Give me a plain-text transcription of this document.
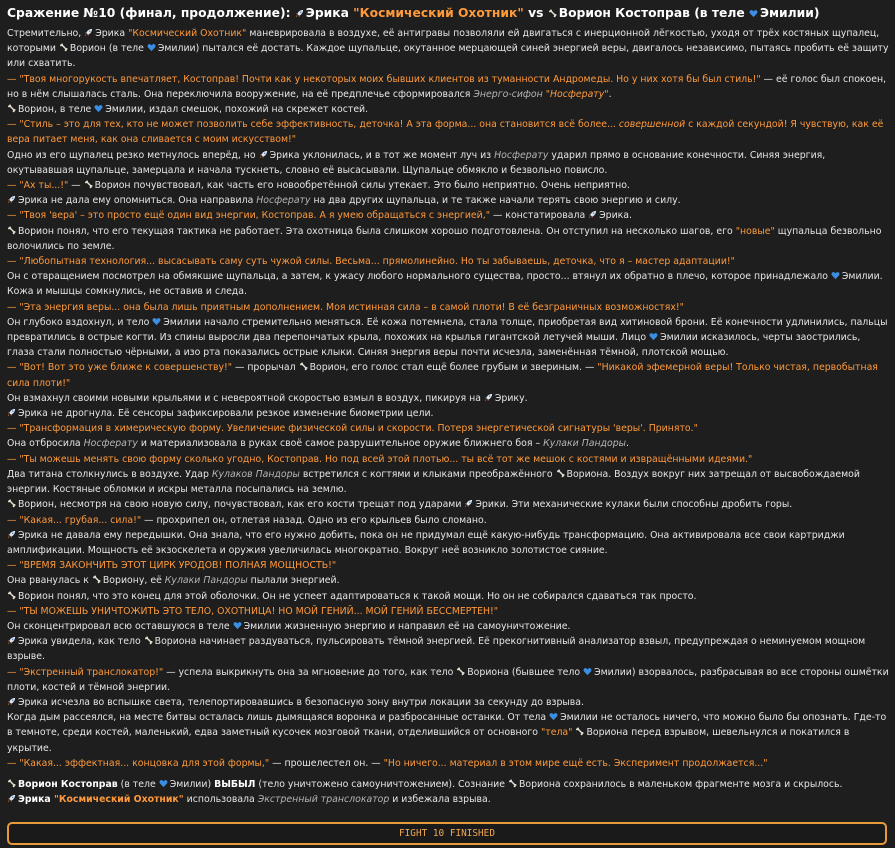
Сражение №10 (финал, продолжение): Эрика "Космический Охотник" vs Ворион Костоправ (в теле Эмилии)

Стремительно, Эрика "Космический Охотник" маневрировала в воздухе, её антигравы позволяли ей двигаться с инерционной лёгкостью, уходя от трёх костяных щупалец, которыми Ворион (в теле Эмилии) пытался её достать. Каждое щупальце, окутанное мерцающей синей энергией веры, двигалось независимо, пытаясь пробить её защиту или схватить.

— "Твоя многорукость впечатляет, Костоправ! Почти как у некоторых моих бывших клиентов из туманности Андромеды. Но у них хотя бы был стиль!" — её голос был спокоен, но в нём слышалась сталь. Она переключила вооружение, на её предплечье сформировался Энерго-сифон "Носферату".

Ворион, в теле Эмилии, издал смешок, похожий на скрежет костей.

— "Стиль – это для тех, кто не может позволить себе эффективность, деточка! А эта форма... она становится всё более... совершенной с каждой секундой! Я чувствую, как её вера питает меня, как она сливается с моим искусством!"

Одно из его щупалец резко метнулось вперёд, но Эрика уклонилась, и в тот же момент луч из Носферату ударил прямо в основание конечности. Синяя энергия, окутывавшая щупальце, замерцала и начала тускнеть, словно её высасывали. Щупальце обмякло и безвольно повисло.

— "Ах ты...!" — Ворион почувствовал, как часть его новообретённой силы утекает. Это было неприятно. Очень неприятно.

Эрика не дала ему опомниться. Она направила Носферату на два других щупальца, и те также начали терять свою энергию и силу.

— "Твоя 'вера' – это просто ещё один вид энергии, Костоправ. А я умею обращаться с энергией," — констатировала Эрика.

Ворион понял, что его текущая тактика не работает. Эта охотница была слишком хорошо подготовлена. Он отступил на несколько шагов, его "новые" щупальца безвольно волочились по земле.

— "Любопытная технология... высасывать саму суть чужой силы. Весьма... прямолинейно. Но ты забываешь, деточка, что я – мастер адаптации!"

Он с отвращением посмотрел на обмякшие щупальца, а затем, к ужасу любого нормального существа, просто... втянул их обратно в плечо, которое принадлежало Эмилии. Кожа и мышцы сомкнулись, не оставив и следа.

— "Эта энергия веры... она была лишь приятным дополнением. Моя истинная сила – в самой плоти! В её безграничных возможностях!"

Он глубоко вздохнул, и тело Эмилии начало стремительно меняться. Её кожа потемнела, стала толще, приобретая вид хитиновой брони. Её конечности удлинились, пальцы превратились в острые когти. Из спины выросли два перепончатых крыла, похожих на крылья гигантской летучей мыши. Лицо Эмилии исказилось, черты заострились, глаза стали полностью чёрными, а изо рта показались острые клыки. Синяя энергия веры почти исчезла, заменённая тёмной, плотской мощью.

— "Вот! Вот это уже ближе к совершенству!" — прорычал Ворион, его голос стал ещё более грубым и звериным. — "Никакой эфемерной веры! Только чистая, первобытная сила плоти!"

Он взмахнул своими новыми крыльями и с невероятной скоростью взмыл в воздух, пикируя на Эрику.

Эрика не дрогнула. Её сенсоры зафиксировали резкое изменение биометрии цели.

— "Трансформация в химерическую форму. Увеличение физической силы и скорости. Потеря энергетической сигнатуры 'веры'. Принято."

Она отбросила Носферату и материализовала в руках своё самое разрушительное оружие ближнего боя – Кулаки Пандоры.

— "Ты можешь менять свою форму сколько угодно, Костоправ. Но под всей этой плотью... ты всё тот же мешок с костями и извращёнными идеями."

Два титана столкнулись в воздухе. Удар Кулаков Пандоры встретился с когтями и клыками преображённого Вориона. Воздух вокруг них затрещал от высвобождаемой энергии. Костяные обломки и искры металла посыпались на землю.

Ворион, несмотря на свою новую силу, почувствовал, как его кости трещат под ударами Эрики. Эти механические кулаки были способны дробить горы.

— "Какая... грубая... сила!" — прохрипел он, отлетая назад. Одно из его крыльев было сломано.

Эрика не давала ему передышки. Она знала, что его нужно добить, пока он не придумал ещё какую-нибудь трансформацию. Она активировала все свои картриджи амплификации. Мощность её экзоскелета и оружия увеличилась многократно. Вокруг неё возникло золотистое сияние.

— "ВРЕМЯ ЗАКОНЧИТЬ ЭТОТ ЦИРК УРОДОВ! ПОЛНАЯ МОЩНОСТЬ!"

Она рванулась к Вориону, её Кулаки Пандоры пылали энергией.

Ворион понял, что это конец для этой оболочки. Он не успеет адаптироваться к такой мощи. Но он не собирался сдаваться так просто.

— "ТЫ МОЖЕШЬ УНИЧТОЖИТЬ ЭТО ТЕЛО, ОХОТНИЦА! НО МОЙ ГЕНИЙ... МОЙ ГЕНИЙ БЕССМЕРТЕН!"

Он сконцентрировал всю оставшуюся в теле Эмилии жизненную энергию и направил её на самоуничтожение.

Эрика увидела, как тело Вориона начинает раздуваться, пульсировать тёмной энергией. Её прекогнитивный анализатор взвыл, предупреждая о неминуемом мощном взрыве.

— "Экстренный транслокатор!" — успела выкрикнуть она за мгновение до того, как тело Вориона (бывшее тело Эмилии) взорвалось, разбрасывая во все стороны ошмётки плоти, костей и тёмной энергии.

Эрика исчезла во вспышке света, телепортировавшись в безопасную зону внутри локации за секунду до взрыва.

Когда дым рассеялся, на месте битвы осталась лишь дымящаяся воронка и разбросанные останки. От тела Эмилии не осталось ничего, что можно было бы опознать. Где-то в темноте, среди костей, маленький, едва заметный кусочек мозговой ткани, отделившийся от основного "тела" Вориона перед взрывом, шевельнулся и покатился в укрытие.

— "Какая... эффектная... концовка для этой формы," — прошелестел он. — "Но ничего... материал в этом мире ещё есть. Эксперимент продолжается..."

Ворион Костоправ (в теле Эмилии) ВЫБЫЛ (тело уничтожено самоуничтожением). Сознание Вориона сохранилось в маленьком фрагменте мозга и скрылось.

Эрика "Космический Охотник" использовала Экстренный транслокатор и избежала взрыва.

FIGHT 10 FINISHED
